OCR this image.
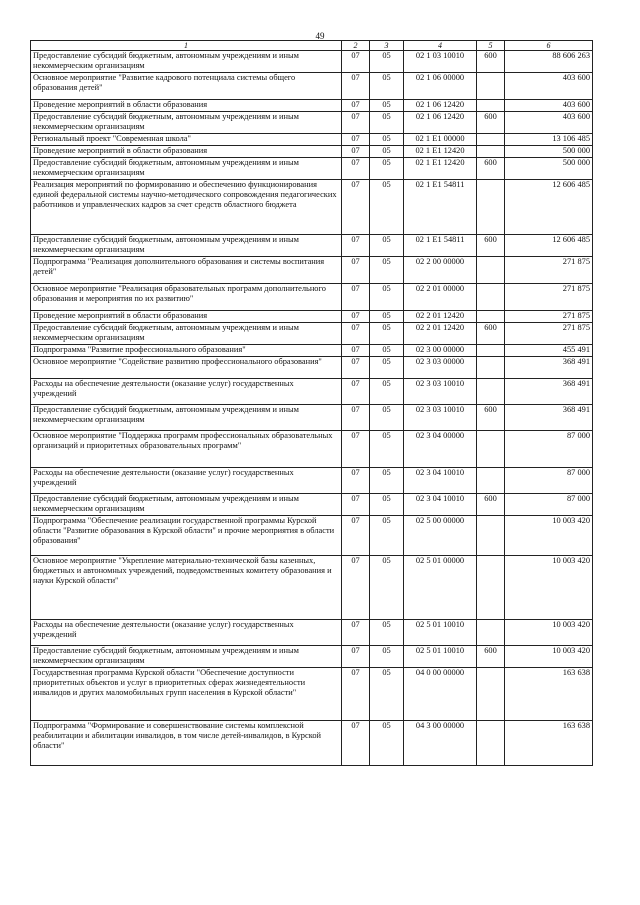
49
1	2	3	4	5	6
Предоставление субсидий бюджетным, автономным учреждениям и иным некоммерческим организациям	07	05	02 1 03 10010	600	88 606 263
Основное мероприятие "Развитие кадрового потенциала системы общего образования детей"	07	05	02 1 06 00000		403 600
Проведение мероприятий в области образования	07	05	02 1 06 12420		403 600
Предоставление субсидий бюджетным, автономным учреждениям и иным некоммерческим организациям	07	05	02 1 06 12420	600	403 600
Региональный проект "Современная школа"	07	05	02 1 E1 00000		13 106 485
Проведение мероприятий в области образования	07	05	02 1 E1 12420		500 000
Предоставление субсидий бюджетным, автономным учреждениям и иным некоммерческим организациям	07	05	02 1 E1 12420	600	500 000
Реализация мероприятий по формированию и обеспечению функционирования единой федеральной системы научно-методического сопровождения педагогических работников и управленческих кадров за счет средств областного бюджета	07	05	02 1 E1 54811		12 606 485
Предоставление субсидий бюджетным, автономным учреждениям и иным некоммерческим организациям	07	05	02 1 E1 54811	600	12 606 485
Подпрограмма "Реализация дополнительного образования и системы воспитания детей"	07	05	02 2 00 00000		271 875
Основное мероприятие "Реализация образовательных программ дополнительного образования и мероприятия по их развитию"	07	05	02 2 01 00000		271 875
Проведение мероприятий в области образования	07	05	02 2 01 12420		271 875
Предоставление субсидий бюджетным, автономным учреждениям и иным некоммерческим организациям	07	05	02 2 01 12420	600	271 875
Подпрограмма "Развитие профессионального образования"	07	05	02 3 00 00000		455 491
Основное мероприятие "Содействие развитию профессионального образования"	07	05	02 3 03 00000		368 491
Расходы на обеспечение деятельности (оказание услуг) государственных учреждений	07	05	02 3 03 10010		368 491
Предоставление субсидий бюджетным, автономным учреждениям и иным некоммерческим организациям	07	05	02 3 03 10010	600	368 491
Основное мероприятие "Поддержка программ профессиональных образовательных организаций и приоритетных образовательных программ"	07	05	02 3 04 00000		87 000
Расходы на обеспечение деятельности (оказание услуг) государственных учреждений	07	05	02 3 04 10010		87 000
Предоставление субсидий бюджетным, автономным учреждениям и иным некоммерческим организациям	07	05	02 3 04 10010	600	87 000
Подпрограмма "Обеспечение реализации государственной программы Курской области "Развитие образования в Курской области" и прочие мероприятия в области образования"	07	05	02 5 00 00000		10 003 420
Основное мероприятие "Укрепление материально-технической базы казенных, бюджетных и автономных учреждений, подведомственных комитету образования и науки Курской области"	07	05	02 5 01 00000		10 003 420
Расходы на обеспечение деятельности (оказание услуг) государственных учреждений	07	05	02 5 01 10010		10 003 420
Предоставление субсидий бюджетным, автономным учреждениям и иным некоммерческим организациям	07	05	02 5 01 10010	600	10 003 420
Государственная программа Курской области "Обеспечение доступности приоритетных объектов и услуг в приоритетных сферах жизнедеятельности инвалидов и других маломобильных групп населения в Курской области"	07	05	04 0 00 00000		163 638
Подпрограмма "Формирование и совершенствование системы комплексной реабилитации и абилитации инвалидов, в том числе детей-инвалидов, в Курской области"	07	05	04 3 00 00000		163 638
